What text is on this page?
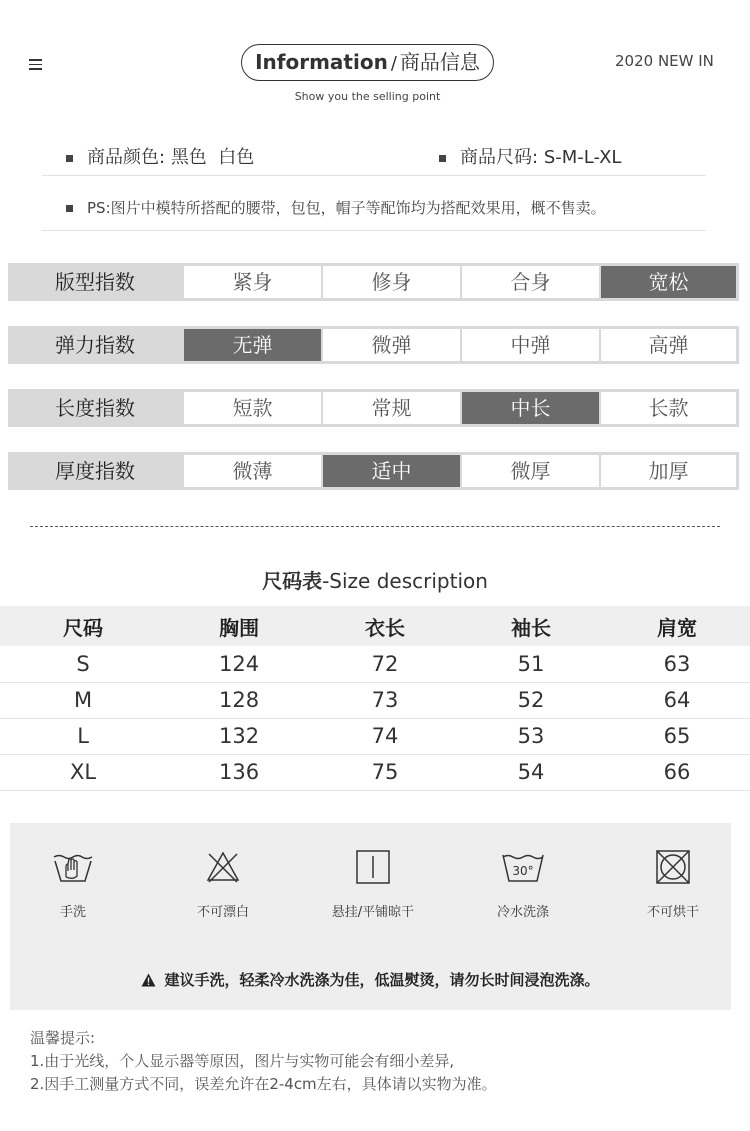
Information / 商品信息
Show you the selling point
2020 NEW IN
商品颜色: 黑色  白色	商品尺码: S-M-L-XL
PS:图片中模特所搭配的腰带，包包，帽子等配饰均为搭配效果用，概不售卖。
版型指数	紧身	修身	合身	宽松
弹力指数	无弹	微弹	中弹	高弹
长度指数	短款	常规	中长	长款
厚度指数	微薄	适中	微厚	加厚
尺码表-Size description
尺码	胸围	衣长	袖长	肩宽
S	124	72	51	63
M	128	73	52	64
L	132	74	53	65
XL	136	75	54	66
手洗	不可漂白	悬挂/平铺晾干
30°
冷水洗涤	不可烘干
建议手洗，轻柔冷水洗涤为佳，低温熨烫，请勿长时间浸泡洗涤。
温馨提示:
1.由于光线，个人显示器等原因，图片与实物可能会有细小差异,
2.因手工测量方式不同，误差允许在2-4cm左右，具体请以实物为准。
